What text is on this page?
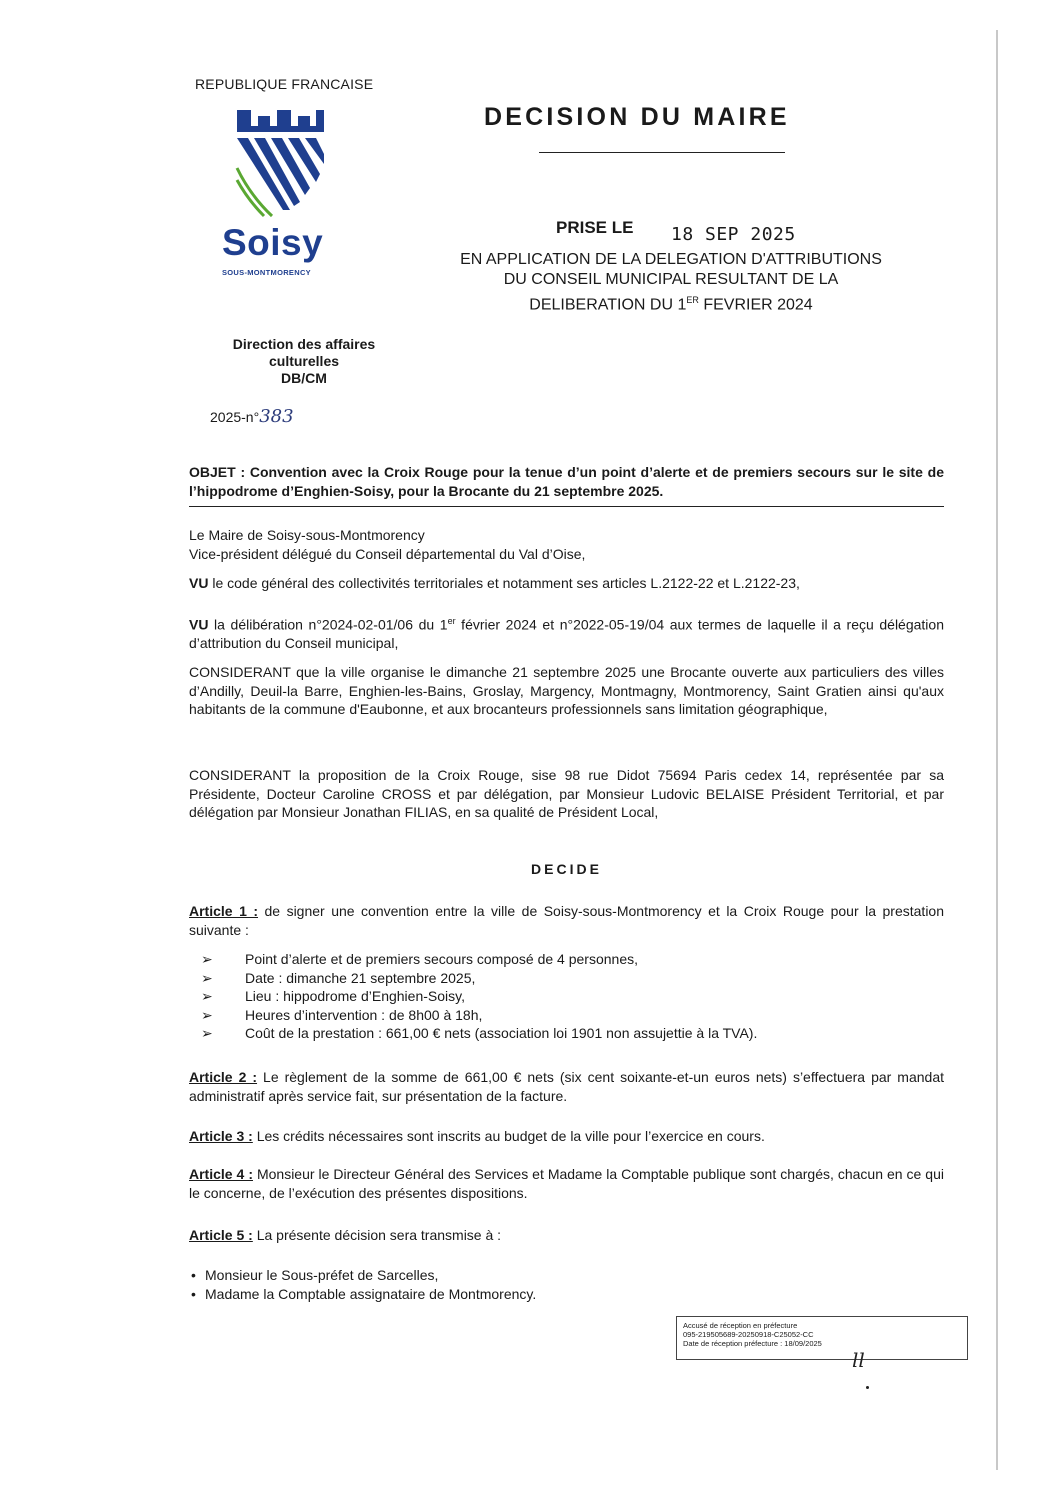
REPUBLIQUE FRANCAISE
Soisy
SOUS-MONTMORENCY
Direction des affaires
culturelles
DB/CM
2025-n°383
DECISION DU MAIRE
PRISE LE 18 SEP 2025
EN APPLICATION DE LA DELEGATION D'ATTRIBUTIONS
DU CONSEIL MUNICIPAL RESULTANT DE LA
DELIBERATION DU 1ER FEVRIER 2024
OBJET : Convention avec la Croix Rouge pour la tenue d’un point d’alerte et de premiers secours sur le site de l’hippodrome d’Enghien-Soisy, pour la Brocante du 21 septembre 2025.
Le Maire de Soisy-sous-Montmorency
Vice-président délégué du Conseil départemental du Val d’Oise,
VU le code général des collectivités territoriales et notamment ses articles L.2122-22 et L.2122-23,
VU la délibération n°2024-02-01/06 du 1er février 2024 et n°2022-05-19/04 aux termes de laquelle il a reçu délégation d’attribution du Conseil municipal,
CONSIDERANT que la ville organise le dimanche 21 septembre 2025 une Brocante ouverte aux particuliers des villes d’Andilly, Deuil-la Barre, Enghien-les-Bains, Groslay, Margency, Montmagny, Montmorency, Saint Gratien ainsi qu'aux habitants de la commune d'Eaubonne, et aux brocanteurs professionnels sans limitation géographique,
CONSIDERANT la proposition de la Croix Rouge, sise 98 rue Didot 75694 Paris cedex 14, représentée par sa Présidente, Docteur Caroline CROSS et par délégation, par Monsieur Ludovic BELAISE Président Territorial, et par délégation par Monsieur Jonathan FILIAS, en sa qualité de Président Local,
DECIDE
Article 1 : de signer une convention entre la ville de Soisy-sous-Montmorency et la Croix Rouge pour la prestation suivante :
➢ Point d’alerte et de premiers secours composé de 4 personnes,
➢ Date : dimanche 21 septembre 2025,
➢ Lieu : hippodrome d’Enghien-Soisy,
➢ Heures d’intervention : de 8h00 à 18h,
➢ Coût de la prestation : 661,00 € nets (association loi 1901 non assujettie à la TVA).
Article 2 : Le règlement de la somme de 661,00 € nets (six cent soixante-et-un euros nets) s’effectuera par mandat administratif après service fait, sur présentation de la facture.
Article 3 : Les crédits nécessaires sont inscrits au budget de la ville pour l’exercice en cours.
Article 4 : Monsieur le Directeur Général des Services et Madame la Comptable publique sont chargés, chacun en ce qui le concerne, de l’exécution des présentes dispositions.
Article 5 : La présente décision sera transmise à :
• Monsieur le Sous-préfet de Sarcelles,
• Madame la Comptable assignataire de Montmorency.
Accusé de réception en préfecture
095-219505689-20250918-C25052-CC
Date de réception préfecture : 18/09/2025
ll
